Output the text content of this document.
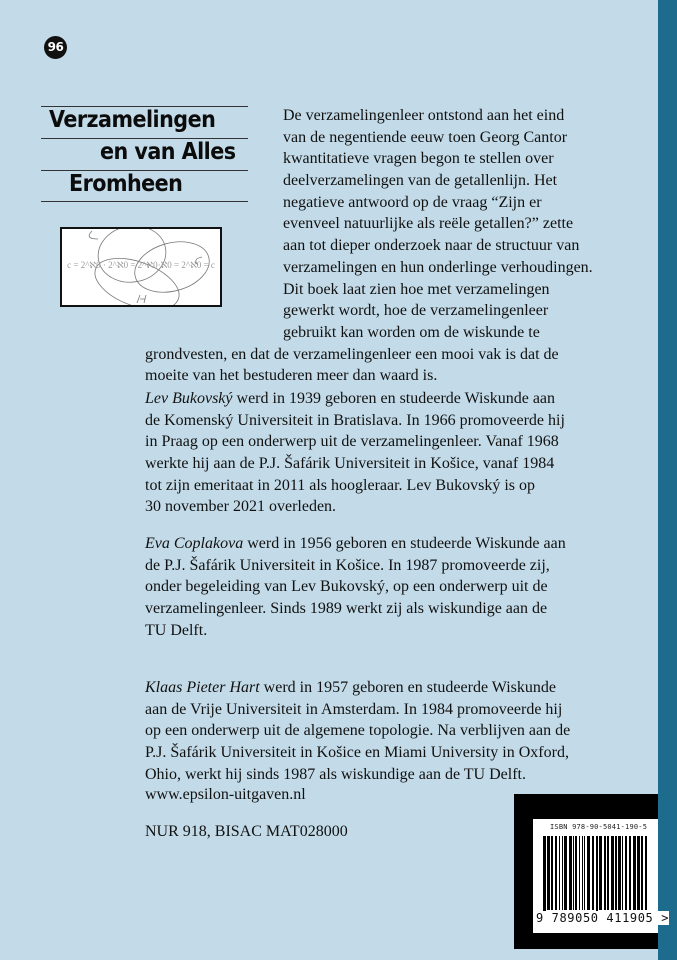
96
Verzamelingen
en van Alles
Eromheen
c = 2^ℵ0 · 2^ℵ0 = 2^ℵ0·ℵ0 = 2^ℵ0 = c
De verzamelingenleer ontstond aan het eind
van de negentiende eeuw toen Georg Cantor
kwantitatieve vragen begon te stellen over
deelverzamelingen van de getallenlijn. Het
negatieve antwoord op de vraag “Zijn er
evenveel natuurlijke als reële getallen?” zette
aan tot dieper onderzoek naar de structuur van
verzamelingen en hun onderlinge verhoudingen.
Dit boek laat zien hoe met verzamelingen
gewerkt wordt, hoe de verzamelingenleer
gebruikt kan worden om de wiskunde te
grondvesten, en dat de verzamelingenleer een mooi vak is dat de
moeite van het bestuderen meer dan waard is.
Lev Bukovský werd in 1939 geboren en studeerde Wiskunde aan
de Komenský Universiteit in Bratislava. In 1966 promoveerde hij
in Praag op een onderwerp uit de verzamelingenleer. Vanaf 1968
werkte hij aan de P.J. Šafárik Universiteit in Košice, vanaf 1984
tot zijn emeritaat in 2011 als hoogleraar. Lev Bukovský is op
30 november 2021 overleden.
Eva Coplakova werd in 1956 geboren en studeerde Wiskunde aan
de P.J. Šafárik Universiteit in Košice. In 1987 promoveerde zij,
onder begeleiding van Lev Bukovský, op een onderwerp uit de
verzamelingenleer. Sinds 1989 werkt zij als wiskundige aan de
TU Delft.
Klaas Pieter Hart werd in 1957 geboren en studeerde Wiskunde
aan de Vrije Universiteit in Amsterdam. In 1984 promoveerde hij
op een onderwerp uit de algemene topologie. Na verblijven aan de
P.J. Šafárik Universiteit in Košice en Miami University in Oxford,
Ohio, werkt hij sinds 1987 als wiskundige aan de TU Delft.
www.epsilon-uitgaven.nl
NUR 918, BISAC MAT028000	ISBN 978-90-5041-190-5
9 789050 411905 >
